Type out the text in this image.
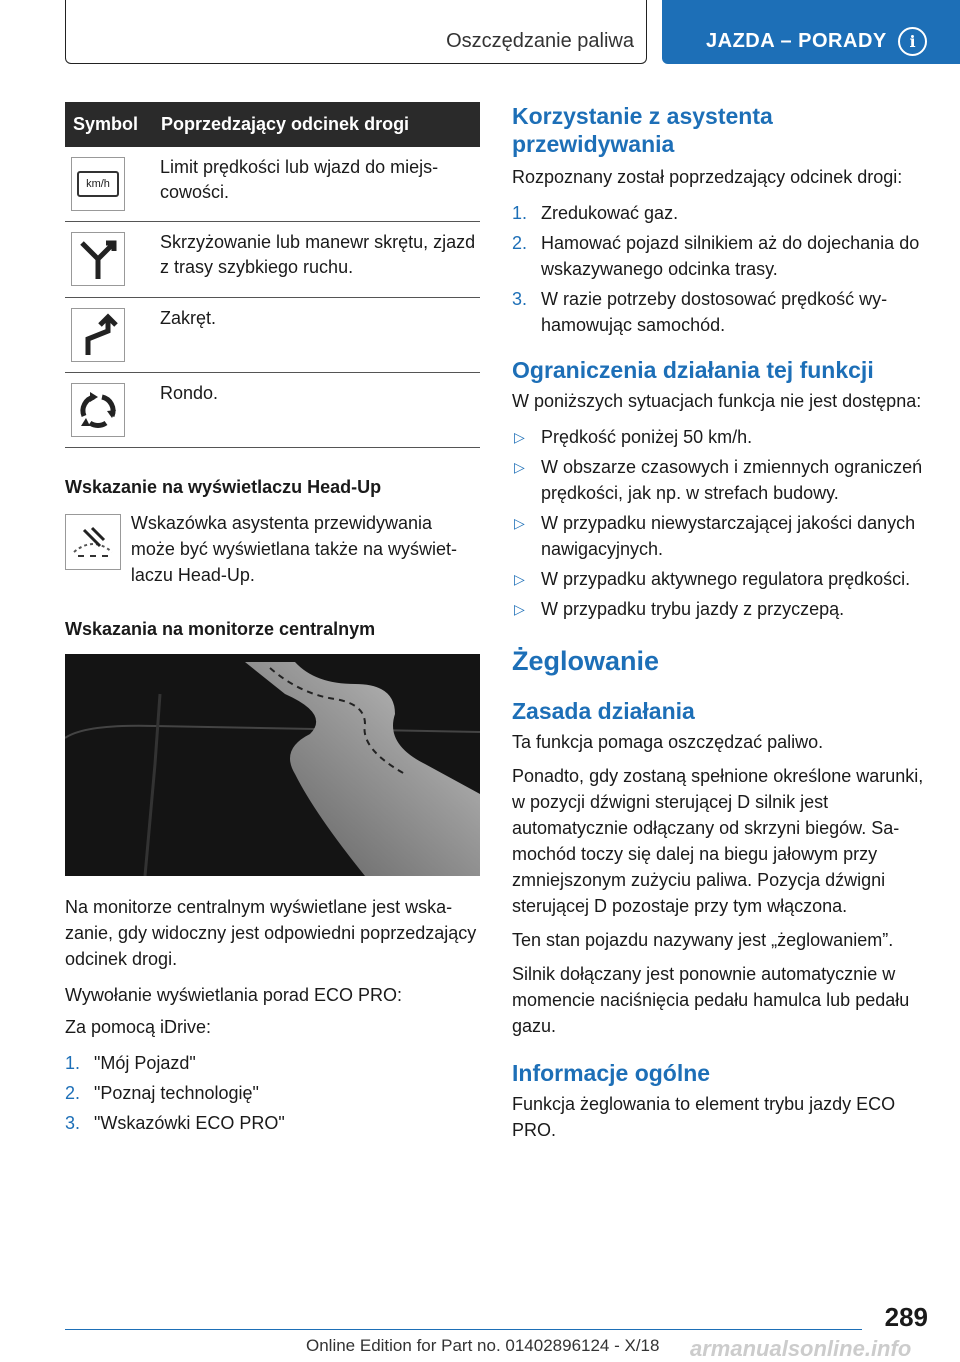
Oszczędzanie paliwa	JAZDA – PORADY	i
Symbol	Poprzedzający odcinek drogi

km/h	Limit prędkości lub wjazd do miejscowości.

	Skrzyżowanie lub manewr skrętu, zjazd z trasy szybkiego ruchu.

	Zakręt.

	Rondo.
Wskazanie na wyświetlaczu Head-Up

Wskazówka asystenta przewidywania może być wyświetlana także na wyświetlaczu Head-Up.

Wskazania na monitorze centralnym

Na monitorze centralnym wyświetlane jest wskazanie, gdy widoczny jest odpowiedni poprzedzający odcinek drogi.

Wywołanie wyświetlania porad ECO PRO:

Za pomocą iDrive:

1. "Mój Pojazd"
2. "Poznaj technologię"
3. "Wskazówki ECO PRO"
Korzystanie z asystenta przewidywania

Rozpoznany został poprzedzający odcinek drogi:

1. Zredukować gaz.
2. Hamować pojazd silnikiem aż do dojechania do wskazywanego odcinka trasy.
3. W razie potrzeby dostosować prędkość wyhamowując samochód.
Ograniczenia działania tej funkcji

W poniższych sytuacjach funkcja nie jest dostępna:

▷ Prędkość poniżej 50 km/h.
▷ W obszarze czasowych i zmiennych ograniczeń prędkości, jak np. w strefach budowy.
▷ W przypadku niewystarczającej jakości danych nawigacyjnych.
▷ W przypadku aktywnego regulatora prędkości.
▷ W przypadku trybu jazdy z przyczepą.
Żeglowanie
Zasada działania

Ta funkcja pomaga oszczędzać paliwo.

Ponadto, gdy zostaną spełnione określone warunki, w pozycji dźwigni sterującej D silnik jest automatycznie odłączany od skrzyni biegów. Samochód toczy się dalej na biegu jałowym przy zmniejszonym zużyciu paliwa. Pozycja dźwigni sterującej D pozostaje przy tym włączona.

Ten stan pojazdu nazywany jest „żeglowaniem”.

Silnik dołączany jest ponownie automatycznie w momencie naciśnięcia pedału hamulca lub pedału gazu.

Informacje ogólne

Funkcja żeglowania to element trybu jazdy ECO PRO.

289
Online Edition for Part no. 01402896124 - X/18 armanualsonline.info
